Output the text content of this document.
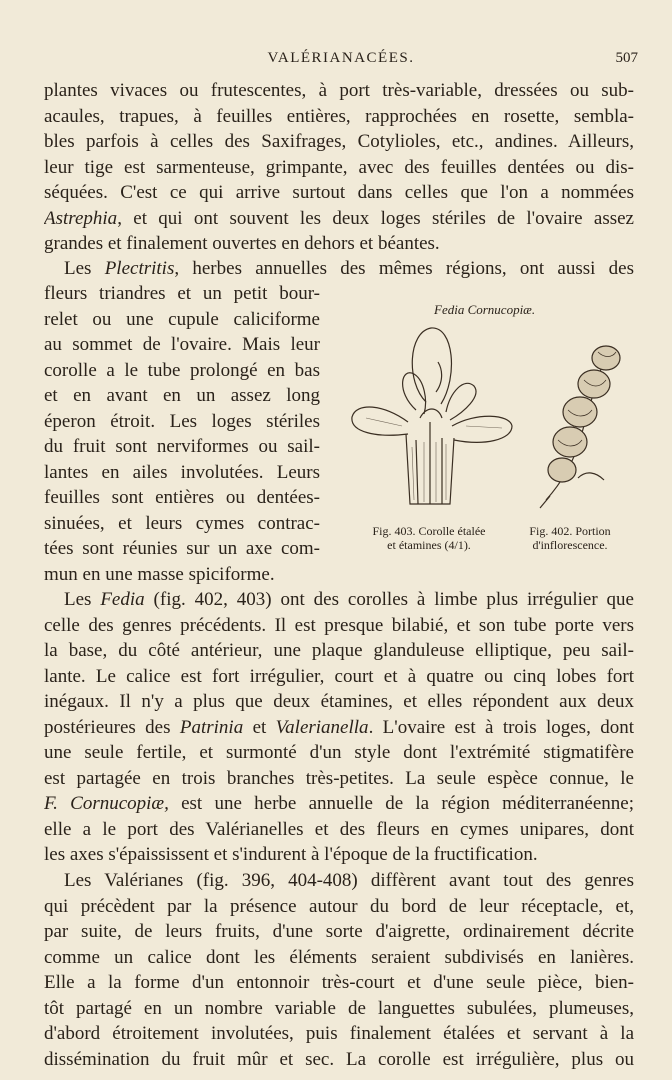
VALÉRIANACÉES.	507
plantes vivaces ou frutescentes, à port très-variable, dressées ou sub-
acaules, trapues, à feuilles entières, rapprochées en rosette, sembla-
bles parfois à celles des Saxifrages, Cotylioles, etc., andines. Ailleurs,
leur tige est sarmenteuse, grimpante, avec des feuilles dentées ou dis-
séquées. C'est ce qui arrive surtout dans celles que l'on a nommées
Astrephia, et qui ont souvent les deux loges stériles de l'ovaire assez
grandes et finalement ouvertes en dehors et béantes.
Les Plectritis, herbes annuelles des mêmes régions, ont aussi des
fleurs triandres et un petit bour-
relet ou une cupule caliciforme
au sommet de l'ovaire. Mais leur
corolle a le tube prolongé en bas
et en avant en un assez long
éperon étroit. Les loges stériles
du fruit sont nerviformes ou sail-
lantes en ailes involutées. Leurs
feuilles sont entières ou dentées-
sinuées, et leurs cymes contrac-
tées sont réunies sur un axe com-
mun en une masse spiciforme.
Fedia Cornucopiæ.
Fig. 403. Corolle étalée
et étamines (4/1).
Fig. 402. Portion
d'inflorescence.
Les Fedia (fig. 402, 403) ont des corolles à limbe plus irrégulier que
celle des genres précédents. Il est presque bilabié, et son tube porte vers
la base, du côté antérieur, une plaque glanduleuse elliptique, peu sail-
lante. Le calice est fort irrégulier, court et à quatre ou cinq lobes fort
inégaux. Il n'y a plus que deux étamines, et elles répondent aux deux
postérieures des Patrinia et Valerianella. L'ovaire est à trois loges, dont
une seule fertile, et surmonté d'un style dont l'extrémité stigmatifère
est partagée en trois branches très-petites. La seule espèce connue, le
F. Cornucopiæ, est une herbe annuelle de la région méditerranéenne;
elle a le port des Valérianelles et des fleurs en cymes unipares, dont
les axes s'épaississent et s'indurent à l'époque de la fructification.
Les Valérianes (fig. 396, 404-408) diffèrent avant tout des genres
qui précèdent par la présence autour du bord de leur réceptacle, et,
par suite, de leurs fruits, d'une sorte d'aigrette, ordinairement décrite
comme un calice dont les éléments seraient subdivisés en lanières.
Elle a la forme d'un entonnoir très-court et d'une seule pièce, bien-
tôt partagé en un nombre variable de languettes subulées, plumeuses,
d'abord étroitement involutées, puis finalement étalées et servant à la
dissémination du fruit mûr et sec. La corolle est irrégulière, plus ou
